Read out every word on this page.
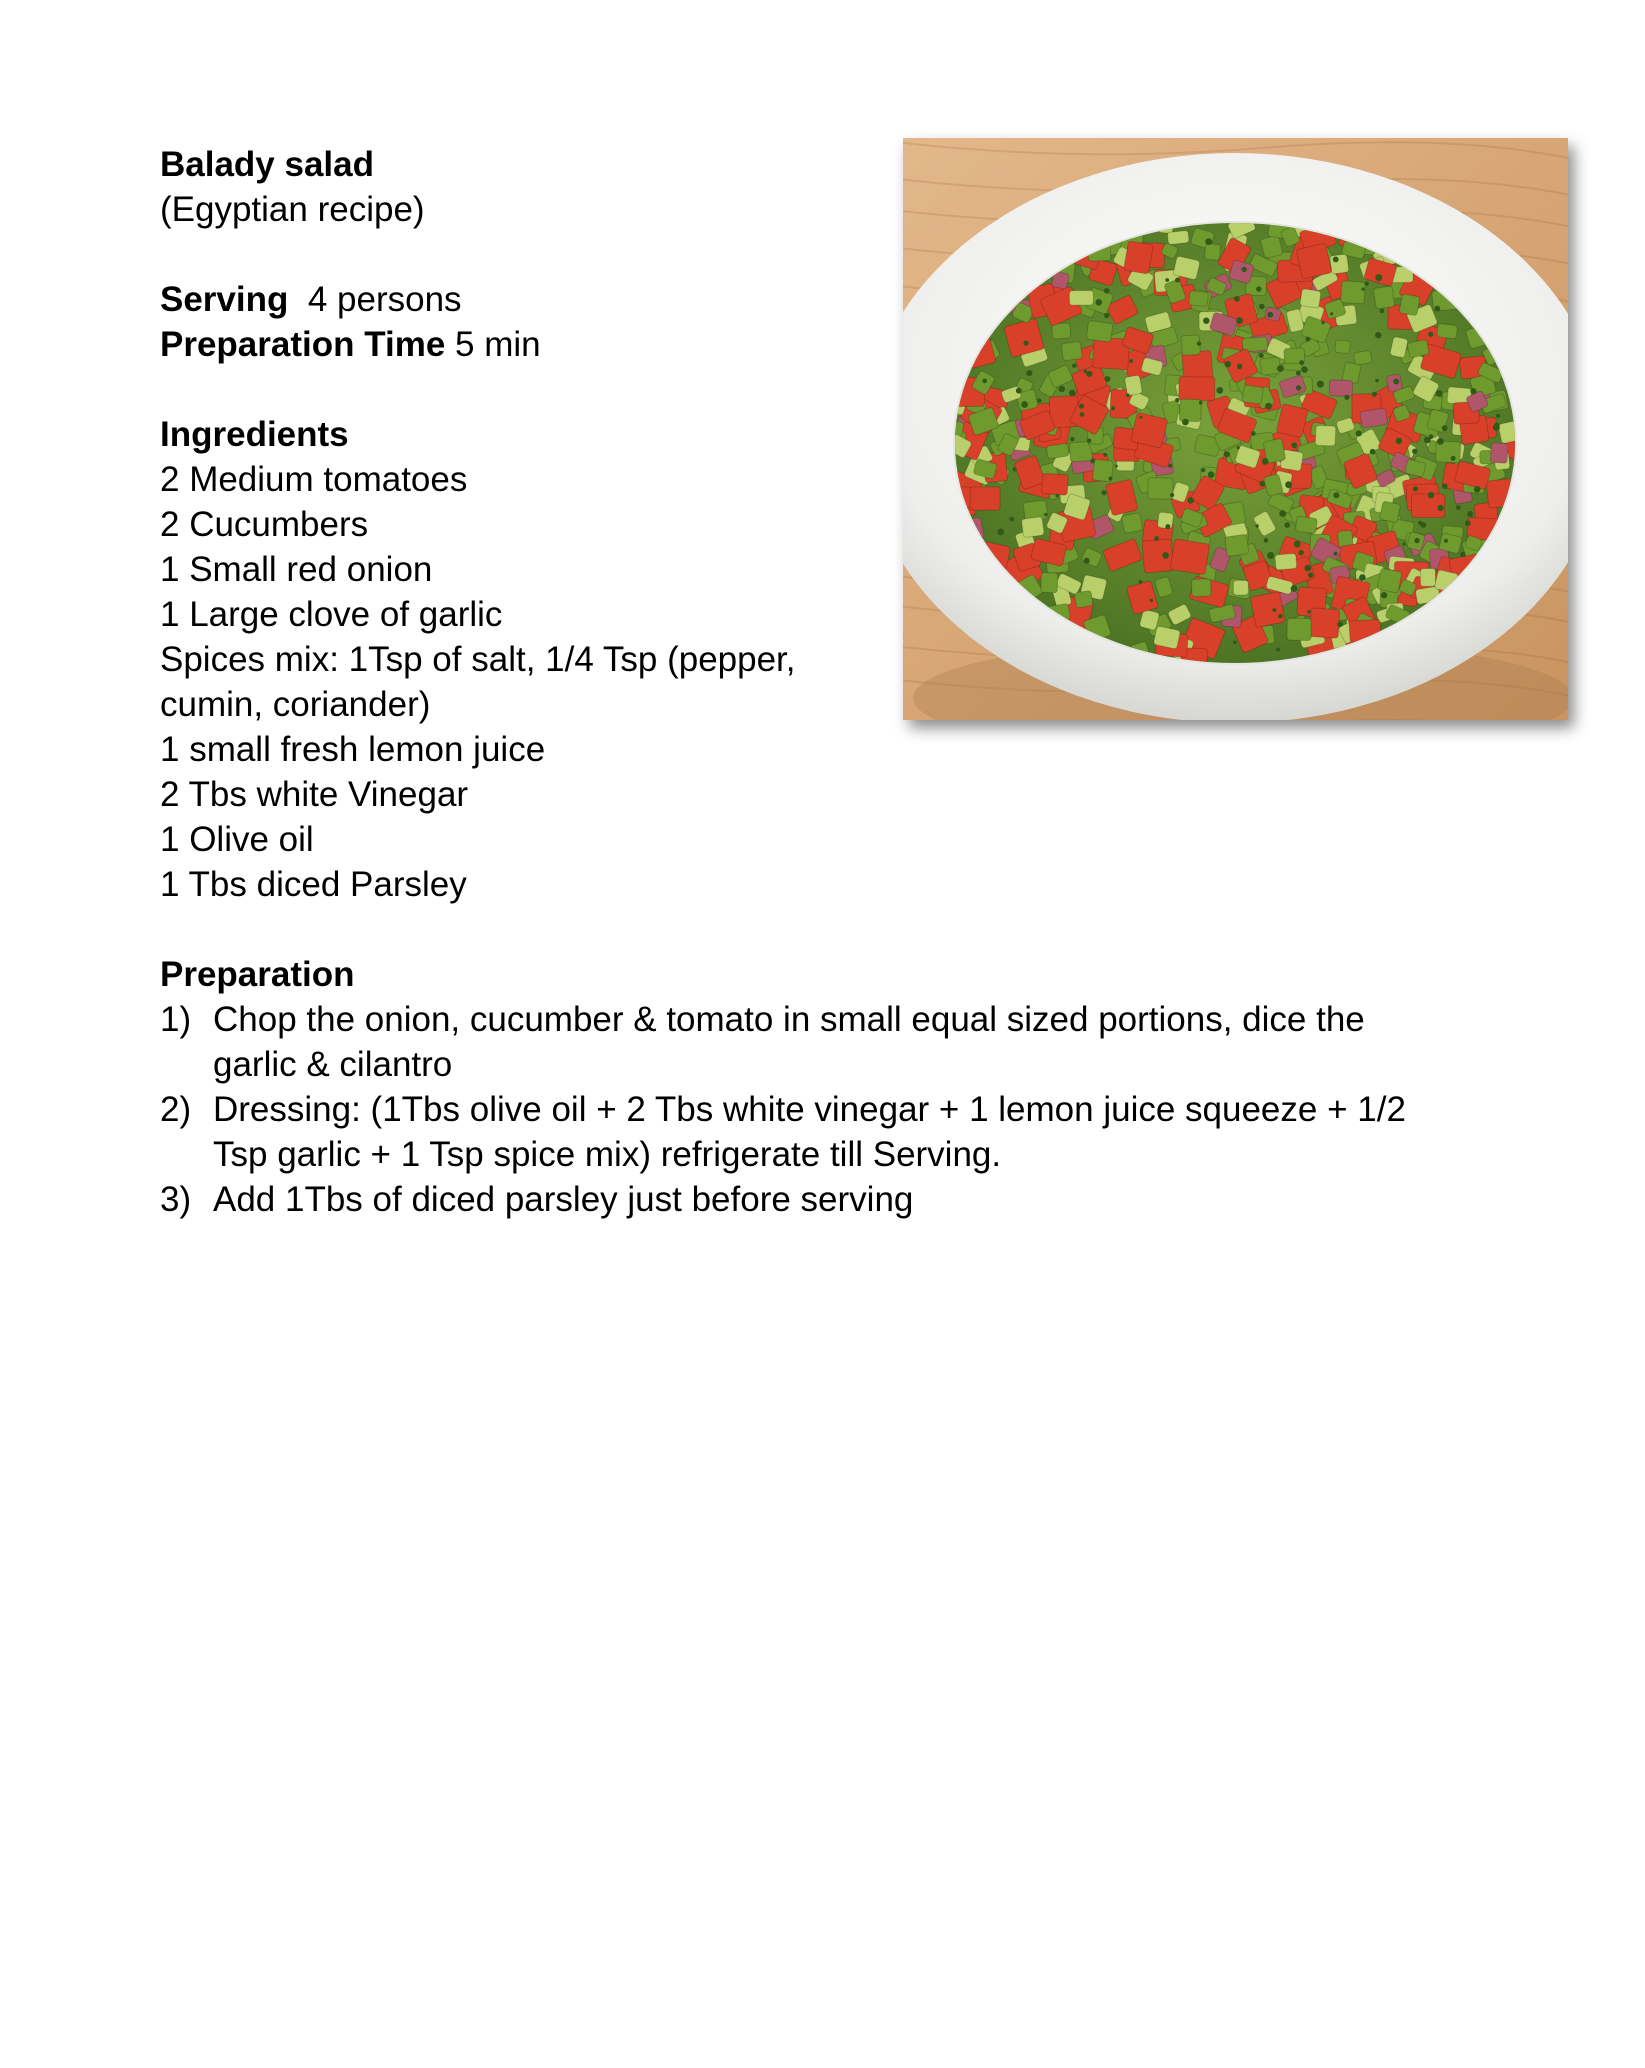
Balady salad
(Egyptian recipe)
Serving 4 persons
Preparation Time 5 min
Ingredients
2 Medium tomatoes
2 Cucumbers
1 Small red onion
1 Large clove of garlic
Spices mix: 1Tsp of salt, 1/4 Tsp (pepper,
cumin, coriander)
1 small fresh lemon juice
2 Tbs white Vinegar
1 Olive oil
1 Tbs diced Parsley
Preparation
1) Chop the onion, cucumber & tomato in small equal sized portions, dice the
garlic & cilantro
2) Dressing: (1Tbs olive oil + 2 Tbs white vinegar + 1 lemon juice squeeze + 1/2
Tsp garlic + 1 Tsp spice mix) refrigerate till Serving.
3) Add 1Tbs of diced parsley just before serving
